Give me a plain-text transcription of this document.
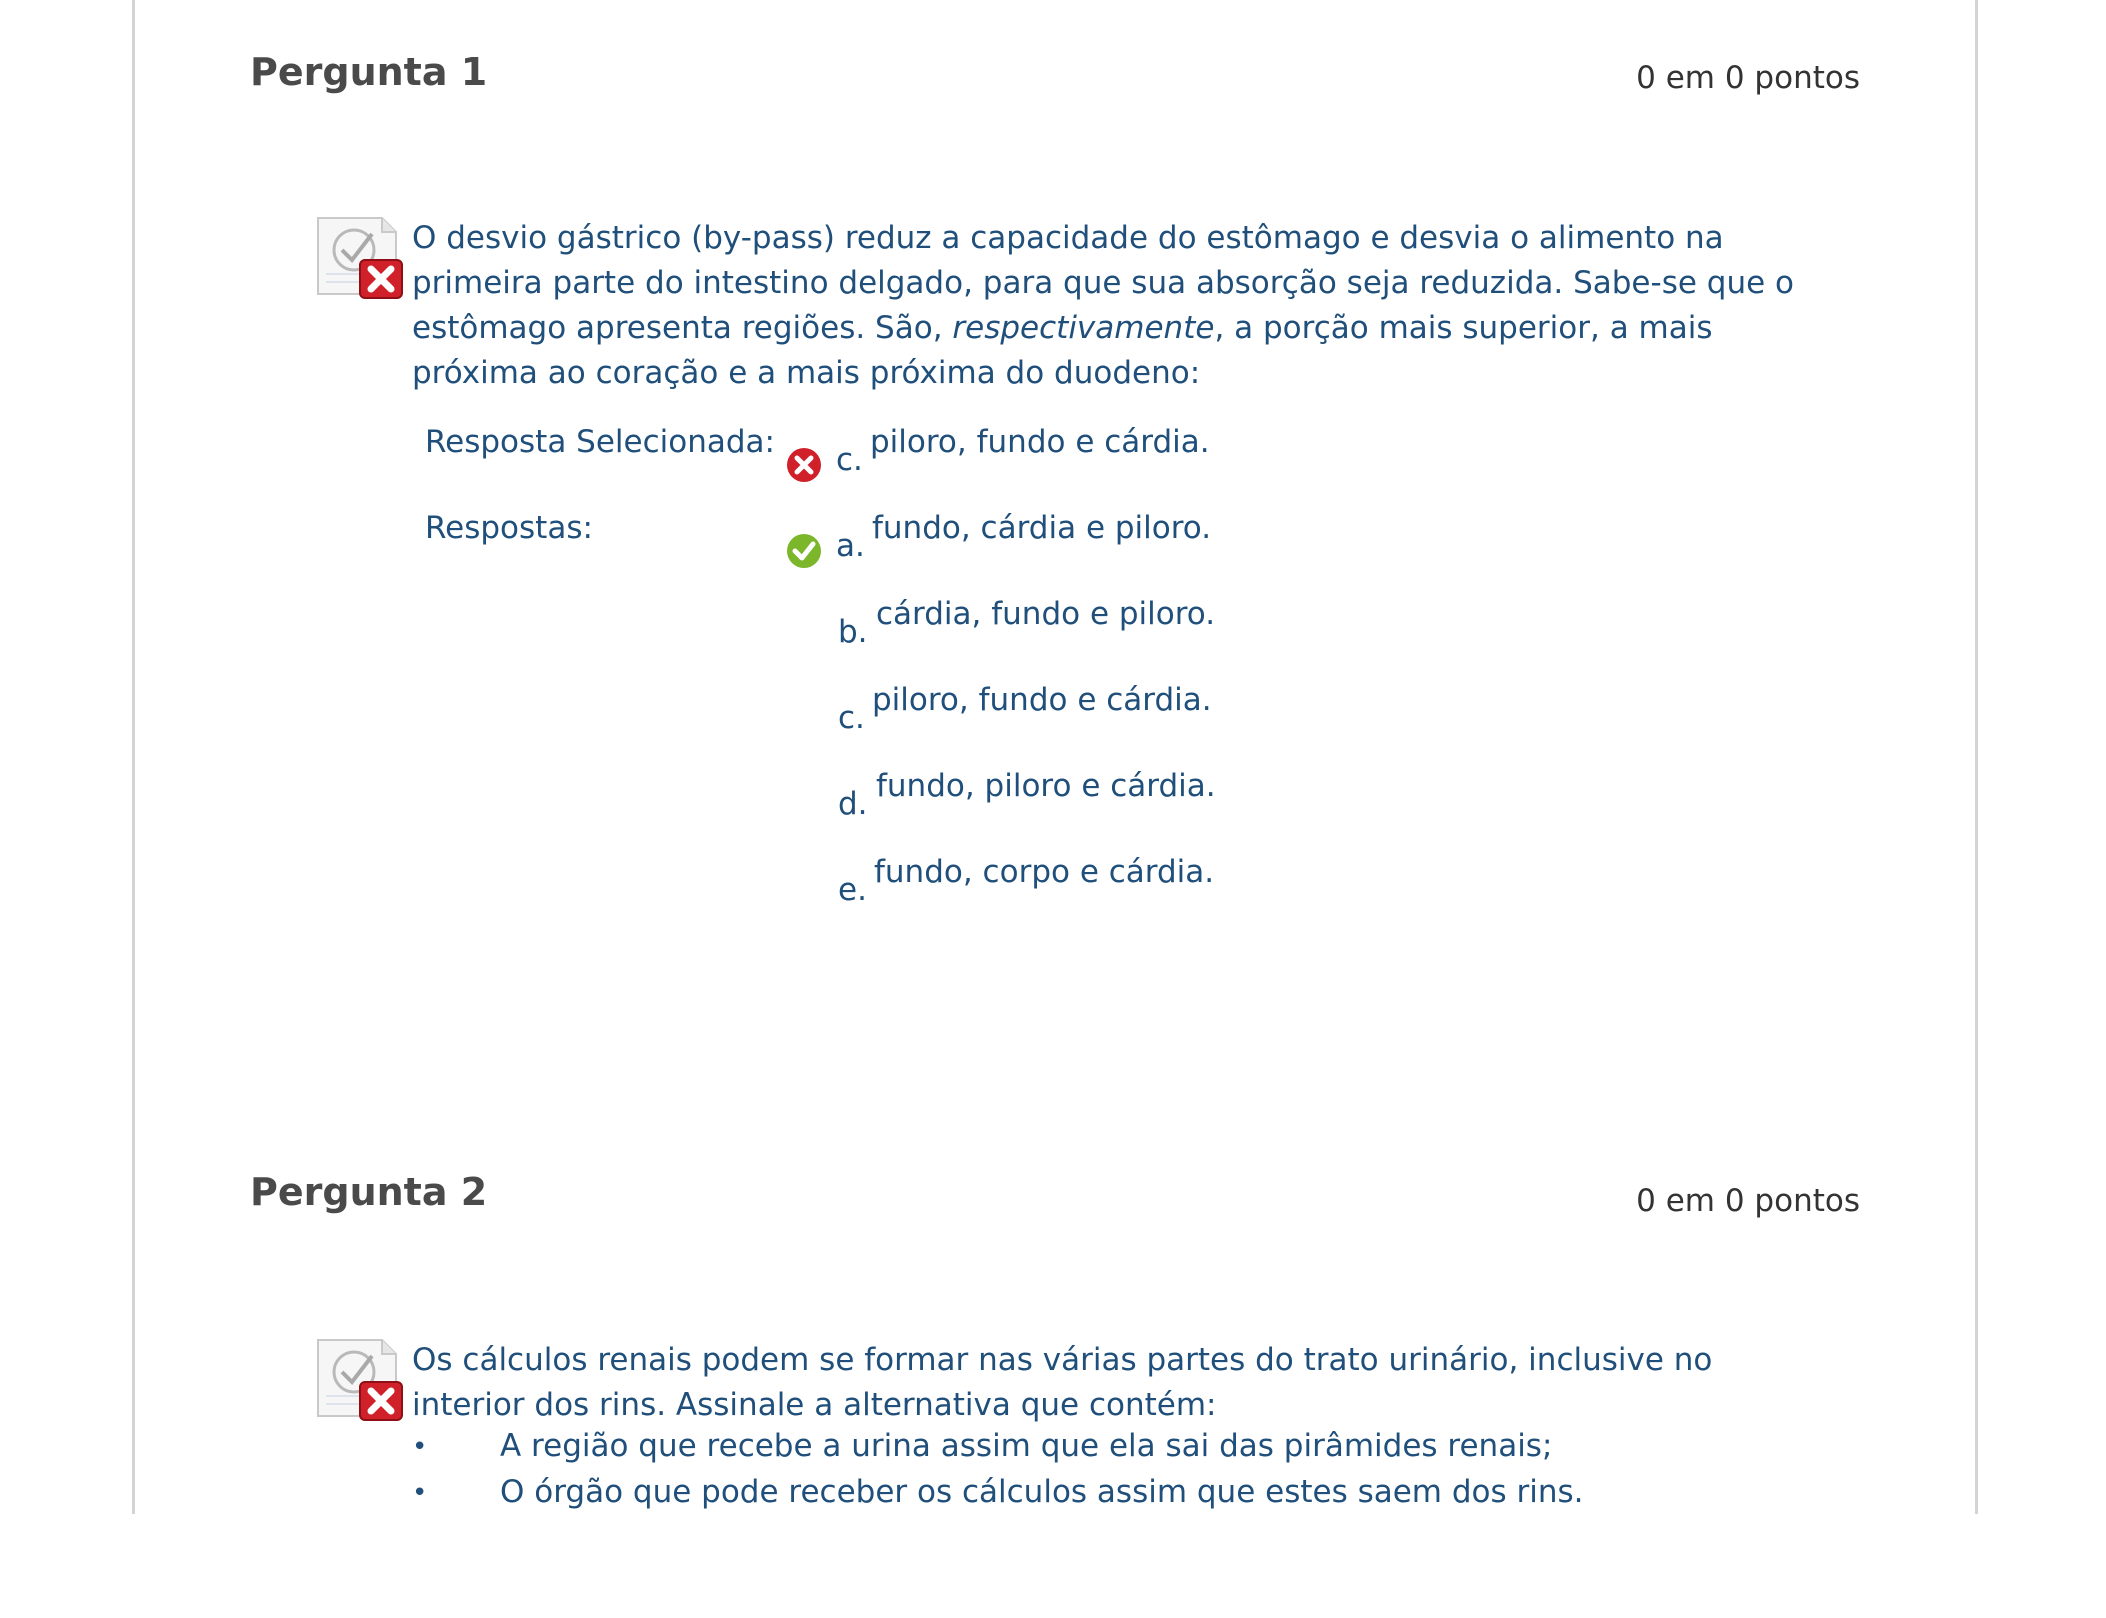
Pergunta 1	0 em 0 pontos
O desvio gástrico (by-pass) reduz a capacidade do estômago e desvia o alimento na primeira parte do intestino delgado, para que sua absorção seja reduzida. Sabe-se que o estômago apresenta regiões. São, respectivamente, a porção mais superior, a mais próxima ao coração e a mais próxima do duodeno:
Resposta Selecionada: c. piloro, fundo e cárdia.
Respostas:	a. fundo, cárdia e piloro.
b. cárdia, fundo e piloro.
c. piloro, fundo e cárdia.
d. fundo, piloro e cárdia.
e. fundo, corpo e cárdia.
Pergunta 2	0 em 0 pontos
Os cálculos renais podem se formar nas várias partes do trato urinário, inclusive no interior dos rins. Assinale a alternativa que contém:
• A região que recebe a urina assim que ela sai das pirâmides renais;
• O órgão que pode receber os cálculos assim que estes saem dos rins.
